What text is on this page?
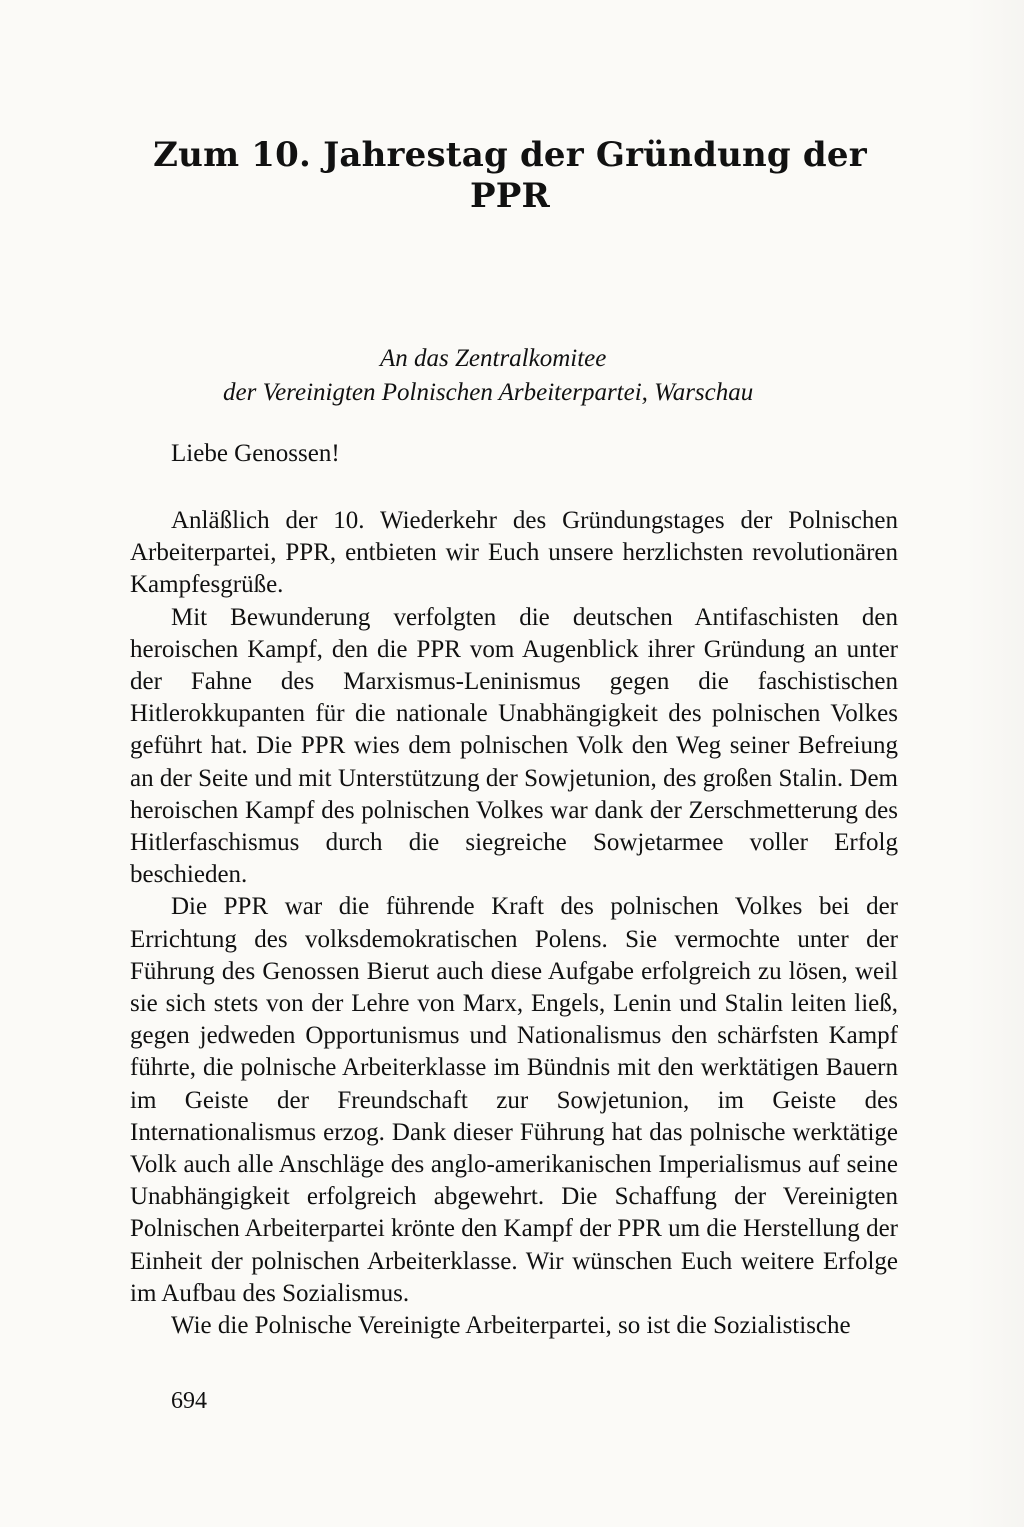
Zum 10. Jahrestag der Gründung der PPR
An das Zentralkomitee
der Vereinigten Polnischen Arbeiterpartei, Warschau
Liebe Genossen!

Anläßlich der 10. Wiederkehr des Gründungstages der Polnischen Arbeiterpartei, PPR, entbieten wir Euch unsere herzlichsten revolutionären Kampfesgrüße.

Mit Bewunderung verfolgten die deutschen Antifaschisten den heroischen Kampf, den die PPR vom Augenblick ihrer Gründung an unter der Fahne des Marxismus-Leninismus gegen die faschistischen Hitlerokkupanten für die nationale Unabhängigkeit des polnischen Volkes geführt hat. Die PPR wies dem polnischen Volk den Weg seiner Befreiung an der Seite und mit Unterstützung der Sowjetunion, des großen Stalin. Dem heroischen Kampf des polnischen Volkes war dank der Zerschmetterung des Hitlerfaschismus durch die siegreiche Sowjetarmee voller Erfolg beschieden.

Die PPR war die führende Kraft des polnischen Volkes bei der Errichtung des volksdemokratischen Polens. Sie vermochte unter der Führung des Genossen Bierut auch diese Aufgabe erfolgreich zu lösen, weil sie sich stets von der Lehre von Marx, Engels, Lenin und Stalin leiten ließ, gegen jedweden Opportunismus und Nationalismus den schärfsten Kampf führte, die polnische Arbeiterklasse im Bündnis mit den werktätigen Bauern im Geiste der Freundschaft zur Sowjetunion, im Geiste des Internationalismus erzog. Dank dieser Führung hat das polnische werktätige Volk auch alle Anschläge des anglo-amerikanischen Imperialismus auf seine Unabhängigkeit erfolgreich abgewehrt. Die Schaffung der Vereinigten Polnischen Arbeiterpartei krönte den Kampf der PPR um die Herstellung der Einheit der polnischen Arbeiterklasse. Wir wünschen Euch weitere Erfolge im Aufbau des Sozialismus.

Wie die Polnische Vereinigte Arbeiterpartei, so ist die Sozialistische

694
